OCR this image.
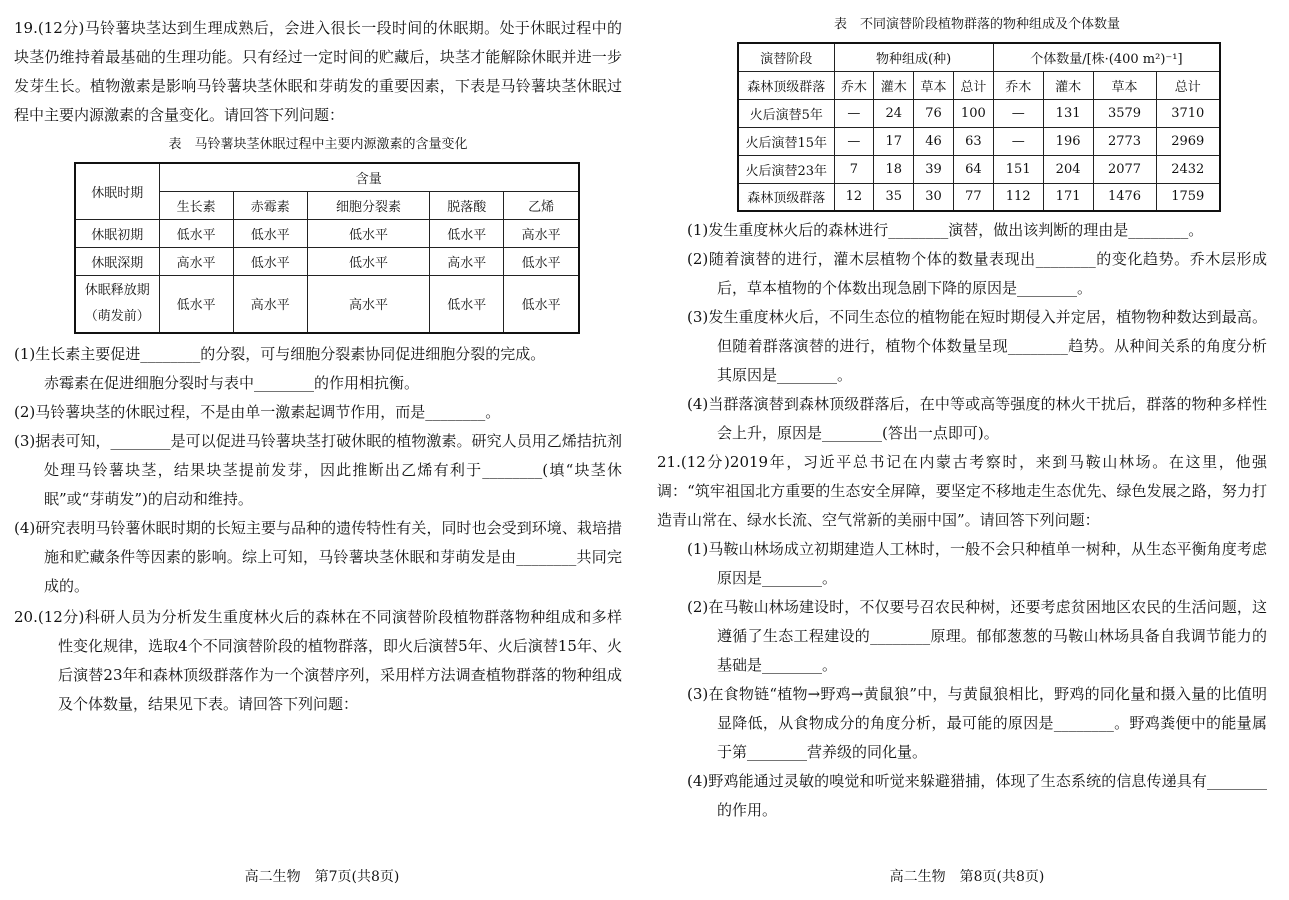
19.(12分)马铃薯块茎达到生理成熟后，会进入很长一段时间的休眠期。处于休眠过程中的块茎仍维持着最基础的生理功能。只有经过一定时间的贮藏后，块茎才能解除休眠并进一步发芽生长。植物激素是影响马铃薯块茎休眠和芽萌发的重要因素，下表是马铃薯块茎休眠过程中主要内源激素的含量变化。请回答下列问题：
表　马铃薯块茎休眠过程中主要内源激素的含量变化
休眠时期	含量				
	生长素	赤霉素	细胞分裂素	脱落酸	乙烯
休眠初期	低水平	低水平	低水平	低水平	高水平
休眠深期	高水平	低水平	低水平	高水平	低水平
休眠释放期（萌发前）	低水平	高水平	高水平	低水平	低水平
(1)生长素主要促进________的分裂，可与细胞分裂素协同促进细胞分裂的完成。
赤霉素在促进细胞分裂时与表中________的作用相抗衡。
(2)马铃薯块茎的休眠过程，不是由单一激素起调节作用，而是________。
(3)据表可知，________是可以促进马铃薯块茎打破休眠的植物激素。研究人员用乙烯拮抗剂处理马铃薯块茎，结果块茎提前发芽，因此推断出乙烯有利于________(填“块茎休眠”或“芽萌发”)的启动和维持。
(4)研究表明马铃薯休眠时期的长短主要与品种的遗传特性有关，同时也会受到环境、栽培措施和贮藏条件等因素的影响。综上可知，马铃薯块茎休眠和芽萌发是由________共同完成的。
20.(12分)科研人员为分析发生重度林火后的森林在不同演替阶段植物群落物种组成和多样性变化规律，选取4个不同演替阶段的植物群落，即火后演替5年、火后演替15年、火后演替23年和森林顶级群落作为一个演替序列，采用样方法调查植物群落的物种组成及个体数量，结果见下表。请回答下列问题：
高二生物　第7页(共8页)
表　不同演替阶段植物群落的物种组成及个体数量
演替阶段	物种组成(种)				个体数量/[株·(400 m²)⁻¹]			
森林顶级群落	乔木	灌木	草本	总计	乔木	灌木	草本	总计
火后演替5年	—	24	76	100	—	131	3579	3710
火后演替15年	—	17	46	63	—	196	2773	2969
火后演替23年	7	18	39	64	151	204	2077	2432
森林顶级群落	12	35	30	77	112	171	1476	1759
(1)发生重度林火后的森林进行________演替，做出该判断的理由是________。
(2)随着演替的进行，灌木层植物个体的数量表现出________的变化趋势。乔木层形成后，草本植物的个体数出现急剧下降的原因是________。
(3)发生重度林火后，不同生态位的植物能在短时期侵入并定居，植物物种数达到最高。但随着群落演替的进行，植物个体数量呈现________趋势。从种间关系的角度分析其原因是________。
(4)当群落演替到森林顶级群落后，在中等或高等强度的林火干扰后，群落的物种多样性会上升，原因是________(答出一点即可)。
21.(12分)2019年，习近平总书记在内蒙古考察时，来到马鞍山林场。在这里，他强调：“筑牢祖国北方重要的生态安全屏障，要坚定不移地走生态优先、绿色发展之路，努力打造青山常在、绿水长流、空气常新的美丽中国”。请回答下列问题：
(1)马鞍山林场成立初期建造人工林时，一般不会只种植单一树种，从生态平衡角度考虑原因是________。
(2)在马鞍山林场建设时，不仅要号召农民种树，还要考虑贫困地区农民的生活问题，这遵循了生态工程建设的________原理。郁郁葱葱的马鞍山林场具备自我调节能力的基础是________。
(3)在食物链“植物→野鸡→黄鼠狼”中，与黄鼠狼相比，野鸡的同化量和摄入量的比值明显降低，从食物成分的角度分析，最可能的原因是________。野鸡粪便中的能量属于第________营养级的同化量。
(4)野鸡能通过灵敏的嗅觉和听觉来躲避猎捕，体现了生态系统的信息传递具有________的作用。
高二生物　第8页(共8页)
